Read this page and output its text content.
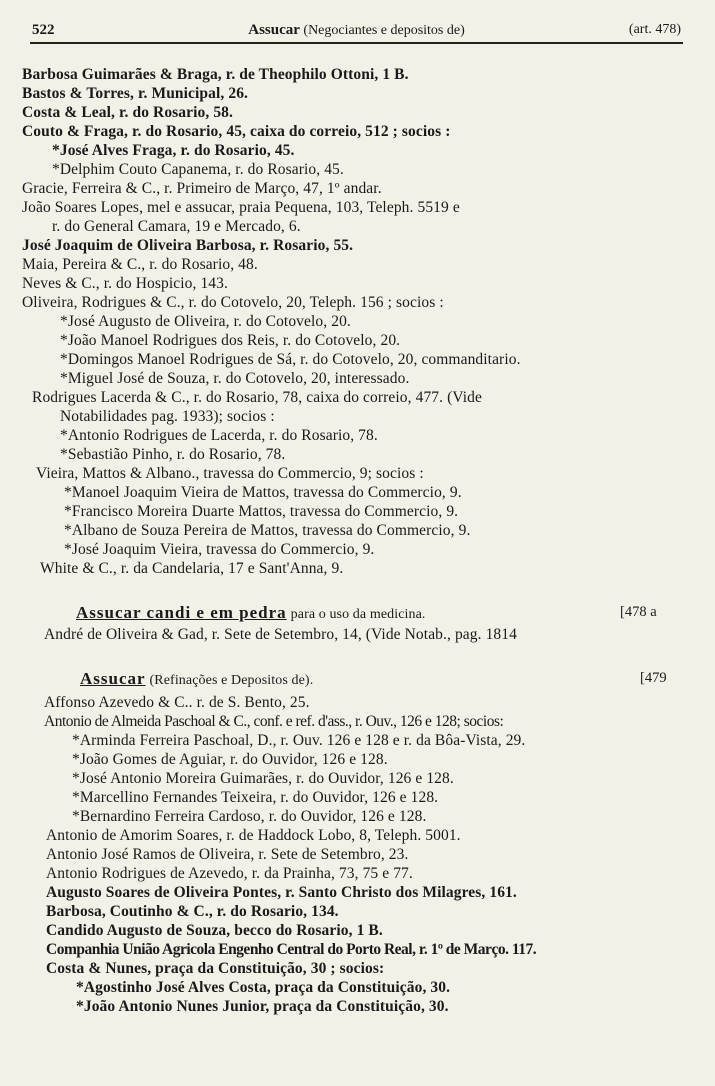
522	Assucar (Negociantes e depositos de)	(art. 478)
Barbosa Guimarães & Braga, r. de Theophilo Ottoni, 1 B.
Bastos & Torres, r. Municipal, 26.
Costa & Leal, r. do Rosario, 58.
Couto & Fraga, r. do Rosario, 45, caixa do correio, 512 ; socios :
*José Alves Fraga, r. do Rosario, 45.
*Delphim Couto Capanema, r. do Rosario, 45.
Gracie, Ferreira & C., r. Primeiro de Março, 47, 1º andar.
João Soares Lopes, mel e assucar, praia Pequena, 103, Teleph. 5519 e
r. do General Camara, 19 e Mercado, 6.
José Joaquim de Oliveira Barbosa, r. Rosario, 55.
Maia, Pereira & C., r. do Rosario, 48.
Neves & C., r. do Hospicio, 143.
Oliveira, Rodrigues & C., r. do Cotovelo, 20, Teleph. 156 ; socios :
*José Augusto de Oliveira, r. do Cotovelo, 20.
*João Manoel Rodrigues dos Reis, r. do Cotovelo, 20.
*Domingos Manoel Rodrigues de Sá, r. do Cotovelo, 20, commanditario.
*Miguel José de Souza, r. do Cotovelo, 20, interessado.
Rodrigues Lacerda & C., r. do Rosario, 78, caixa do correio, 477. (Vide
Notabilidades pag. 1933); socios :
*Antonio Rodrigues de Lacerda, r. do Rosario, 78.
*Sebastião Pinho, r. do Rosario, 78.
Vieira, Mattos & Albano., travessa do Commercio, 9; socios :
*Manoel Joaquim Vieira de Mattos, travessa do Commercio, 9.
*Francisco Moreira Duarte Mattos, travessa do Commercio, 9.
*Albano de Souza Pereira de Mattos, travessa do Commercio, 9.
*José Joaquim Vieira, travessa do Commercio, 9.
White & C., r. da Candelaria, 17 e Sant'Anna, 9.
Assucar candi e em pedra para o uso da medicina.	[478 a
André de Oliveira & Gad, r. Sete de Setembro, 14, (Vide Notab., pag. 1814
Assucar (Refinações e Depositos de).	[479
Affonso Azevedo & C.. r. de S. Bento, 25.
Antonio de Almeida Paschoal & C., conf. e ref. d'ass., r. Ouv., 126 e 128; socios:
*Arminda Ferreira Paschoal, D., r. Ouv. 126 e 128 e r. da Bôa-Vista, 29.
*João Gomes de Aguiar, r. do Ouvidor, 126 e 128.
*José Antonio Moreira Guimarães, r. do Ouvidor, 126 e 128.
*Marcellino Fernandes Teixeira, r. do Ouvidor, 126 e 128.
*Bernardino Ferreira Cardoso, r. do Ouvidor, 126 e 128.
Antonio de Amorim Soares, r. de Haddock Lobo, 8, Teleph. 5001.
Antonio José Ramos de Oliveira, r. Sete de Setembro, 23.
Antonio Rodrigues de Azevedo, r. da Prainha, 73, 75 e 77.
Augusto Soares de Oliveira Pontes, r. Santo Christo dos Milagres, 161.
Barbosa, Coutinho & C., r. do Rosario, 134.
Candido Augusto de Souza, becco do Rosario, 1 B.
Companhia União Agricola Engenho Central do Porto Real, r. 1º de Março. 117.
Costa & Nunes, praça da Constituição, 30 ; socios:
*Agostinho José Alves Costa, praça da Constituição, 30.
*João Antonio Nunes Junior, praça da Constituição, 30.
